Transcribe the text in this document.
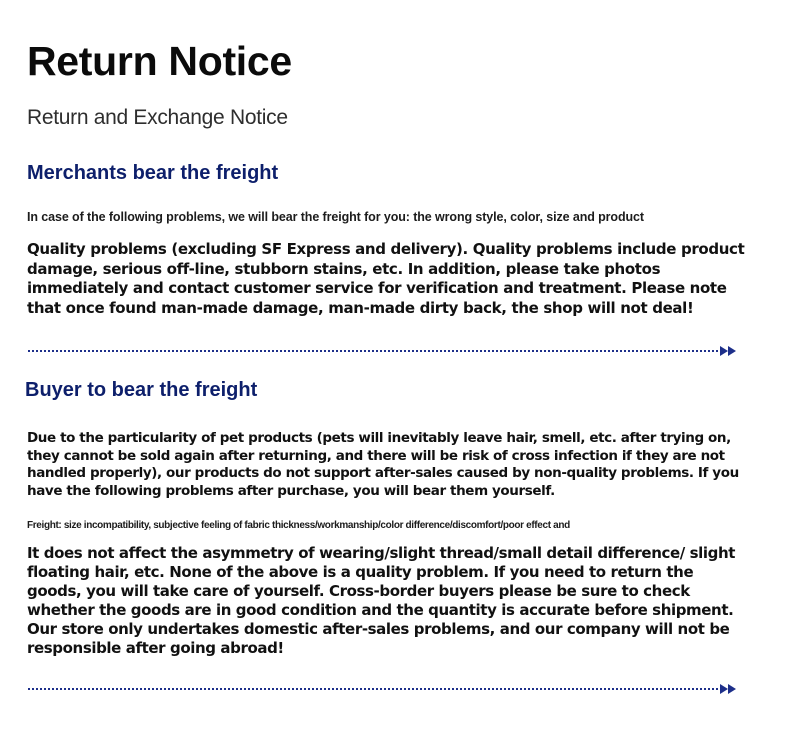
Return Notice
Return and Exchange Notice
Merchants bear the freight
In case of the following problems, we will bear the freight for you: the wrong style, color, size and product
Quality problems (excluding SF Express and delivery). Quality problems include product damage, serious off-line, stubborn stains, etc. In addition, please take photos immediately and contact customer service for verification and treatment. Please note that once found man-made damage, man-made dirty back, the shop will not deal!
Buyer to bear the freight
Due to the particularity of pet products (pets will inevitably leave hair, smell, etc. after trying on, they cannot be sold again after returning, and there will be risk of cross infection if they are not handled properly), our products do not support after-sales caused by non-quality problems. If you have the following problems after purchase, you will bear them yourself.
Freight: size incompatibility, subjective feeling of fabric thickness/workmanship/color difference/discomfort/poor effect and
It does not affect the asymmetry of wearing/slight thread/small detail difference/ slight floating hair, etc. None of the above is a quality problem. If you need to return the goods, you will take care of yourself. Cross-border buyers please be sure to check whether the goods are in good condition and the quantity is accurate before shipment. Our store only undertakes domestic after-sales problems, and our company will not be responsible after going abroad!
